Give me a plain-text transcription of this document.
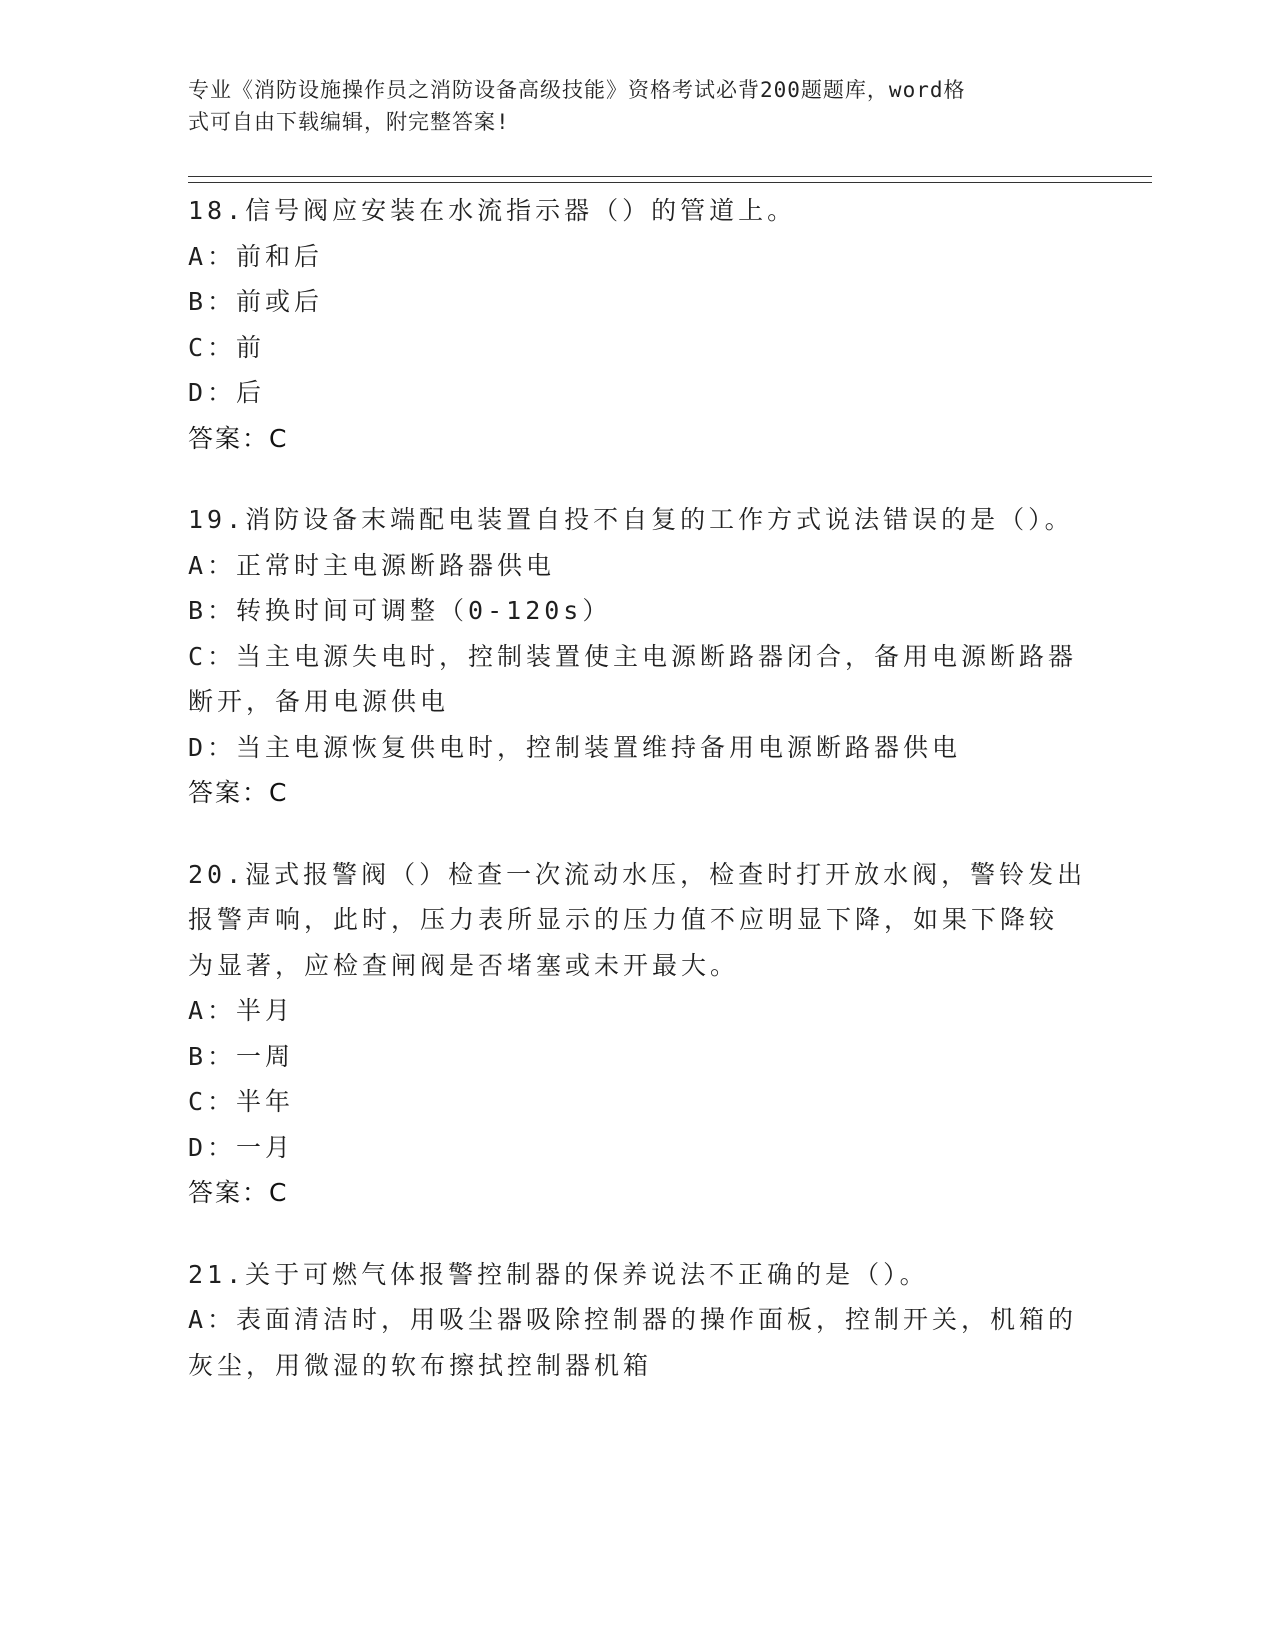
专业《消防设施操作员之消防设备高级技能》资格考试必背200题题库，word格
式可自由下载编辑，附完整答案!
18.信号阀应安装在水流指示器（）的管道上。
A：前和后
B：前或后
C：前
D：后
答案：C
19.消防设备末端配电装置自投不自复的工作方式说法错误的是（）。
A：正常时主电源断路器供电
B：转换时间可调整（0-120s）
C：当主电源失电时，控制装置使主电源断路器闭合，备用电源断路器
断开，备用电源供电
D：当主电源恢复供电时，控制装置维持备用电源断路器供电
答案：C
20.湿式报警阀（）检查一次流动水压，检查时打开放水阀，警铃发出
报警声响，此时，压力表所显示的压力值不应明显下降，如果下降较
为显著，应检查闸阀是否堵塞或未开最大。
A：半月
B：一周
C：半年
D：一月
答案：C
21.关于可燃气体报警控制器的保养说法不正确的是（）。
A：表面清洁时，用吸尘器吸除控制器的操作面板，控制开关，机箱的
灰尘，用微湿的软布擦拭控制器机箱
